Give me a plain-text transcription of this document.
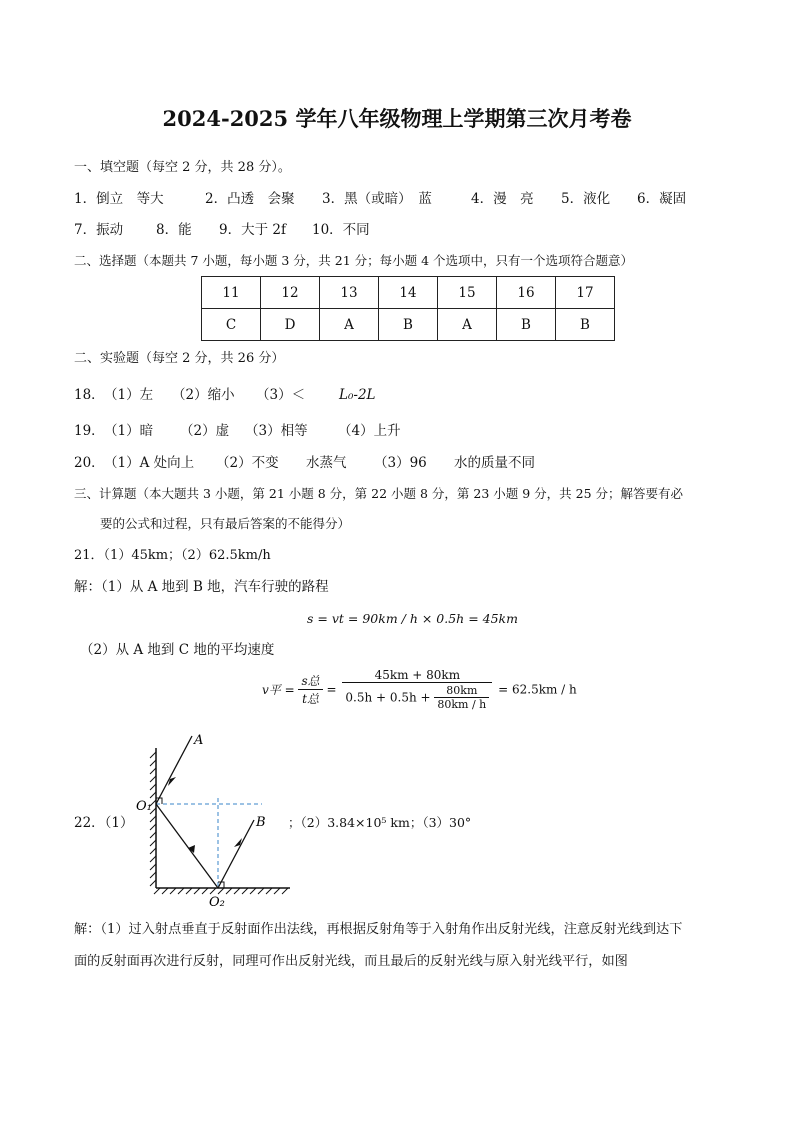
2024-2025 学年八年级物理上学期第三次月考卷
一、填空题（每空 2 分，共 28 分）。
1．倒立　等大	2．凸透　会聚 3．黑（或暗）　蓝	4．漫　亮 5．液化 6．凝固
7．振动 8．能 9．大于 2f 10．不同
二、选择题（本题共 7 小题，每小题 3 分，共 21 分；每小题 4 个选项中，只有一个选项符合题意）
11	12	13	14	15	16	17
C	D	A	B	A	B	B
二、实验题（每空 2 分，共 26 分）
18． （1）左 （2）缩小 （3）＜	L₀-2L
19． （1）暗 （2）虚 （3）相等 （4）上升
20． （1）A 处向上 （2）不变 水蒸气 （3）96 水的质量不同
三、计算题（本大题共 3 小题，第 21 小题 8 分，第 22 小题 8 分，第 23 小题 9 分，共 25 分；解答要有必
要的公式和过程，只有最后答案的不能得分）
21．（1）45km；（2）62.5km/h
解：（1）从 A 地到 B 地，汽车行驶的路程
s = vt = 90km / h × 0.5h = 45km
（2）从 A 地到 C 地的平均速度
v平 = $\frac{\text{s总}}{\text{t总}} = \frac{45km + 80km}{0.5h + 0.5h + \frac{80km}{80km / h}} = 62.5km / h$
22．（1）
A
B
O₁
O₂
；（2）3.84×10⁵ km；（3）30°
解：（1）过入射点垂直于反射面作出法线，再根据反射角等于入射角作出反射光线，注意反射光线到达下
面的反射面再次进行反射，同理可作出反射光线，而且最后的反射光线与原入射光线平行，如图
